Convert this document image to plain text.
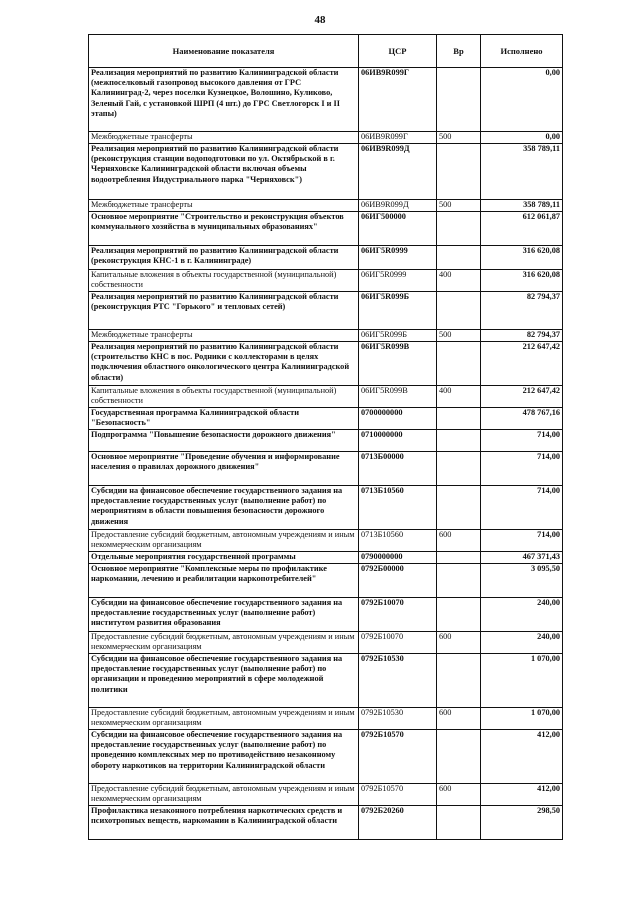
48
Наименование показателя	ЦСР	Вр	Исполнено
Реализация мероприятий по развитию Калининградской области (межпоселковый газопровод высокого давления от ГРС Калининград-2, через поселки Кузнецкое, Волошино, Куликово, Зеленый Гай, с установкой ШРП (4 шт.) до ГРС Светлогорск I и II этапы)	06ИВ9R099Г		0,00
Межбюджетные трансферты	06ИВ9R099Г	500	0,00
Реализация мероприятий по развитию Калининградской области (реконструкция станции водоподготовки по ул. Октябрьской в г. Черняховске Калининградской области включая объемы водоотребления Индустриального парка "Черняховск")	06ИВ9R099Д		358 789,11
Межбюджетные трансферты	06ИВ9R099Д	500	358 789,11
Основное мероприятие "Строительство и реконструкция объектов коммунального хозяйства в муниципальных образованиях"	06ИГ500000		612 061,87
Реализация мероприятий по развитию Калининградской области (реконструкция КНС-1 в г. Калининграде)	06ИГ5R0999		316 620,08
Капитальные вложения в объекты государственной (муниципальной) собственности	06ИГ5R0999	400	316 620,08
Реализация мероприятий по развитию Калининградской области (реконструкция РТС "Горького" и тепловых сетей)	06ИГ5R099Б		82 794,37
Межбюджетные трансферты	06ИГ5R099Б	500	82 794,37
Реализация мероприятий по развитию Калининградской области (строительство КНС в пос. Родники с коллекторами в целях подключения областного онкологического центра Калининградской области)	06ИГ5R099В		212 647,42
Капитальные вложения в объекты государственной (муниципальной) собственности	06ИГ5R099В	400	212 647,42
Государственная программа Калининградской области "Безопасность"	0700000000		478 767,16
Подпрограмма "Повышение безопасности дорожного движения"	0710000000		714,00
Основное мероприятие "Проведение обучения и информирование населения о правилах дорожного движения"	0713Б00000		714,00
Субсидии на финансовое обеспечение государственного задания на предоставление государственных услуг (выполнение работ) по мероприятиям в области повышения безопасности дорожного движения	0713Б10560		714,00
Предоставление субсидий бюджетным, автономным учреждениям и иным некоммерческим организациям	0713Б10560	600	714,00
Отдельные мероприятия государственной программы	0790000000		467 371,43
Основное мероприятие "Комплексные меры по профилактике наркомании, лечению и реабилитации наркопотребителей"	0792Б00000		3 095,50
Субсидии на финансовое обеспечение государственного задания на предоставление государственных услуг (выполнение работ) институтом развития образования	0792Б10070		240,00
Предоставление субсидий бюджетным, автономным учреждениям и иным некоммерческим организациям	0792Б10070	600	240,00
Субсидии на финансовое обеспечение государственного задания на предоставление государственных услуг (выполнение работ) по организации и проведению мероприятий в сфере молодежной политики	0792Б10530		1 070,00
Предоставление субсидий бюджетным, автономным учреждениям и иным некоммерческим организациям	0792Б10530	600	1 070,00
Субсидии на финансовое обеспечение государственного задания на предоставление государственных услуг (выполнение работ) по проведению комплексных мер по противодействию незаконному обороту наркотиков на территории Калининградской области	0792Б10570		412,00
Предоставление субсидий бюджетным, автономным учреждениям и иным некоммерческим организациям	0792Б10570	600	412,00
Профилактика незаконного потребления наркотических средств и психотропных веществ, наркомании в Калининградской области	0792Б20260		298,50
